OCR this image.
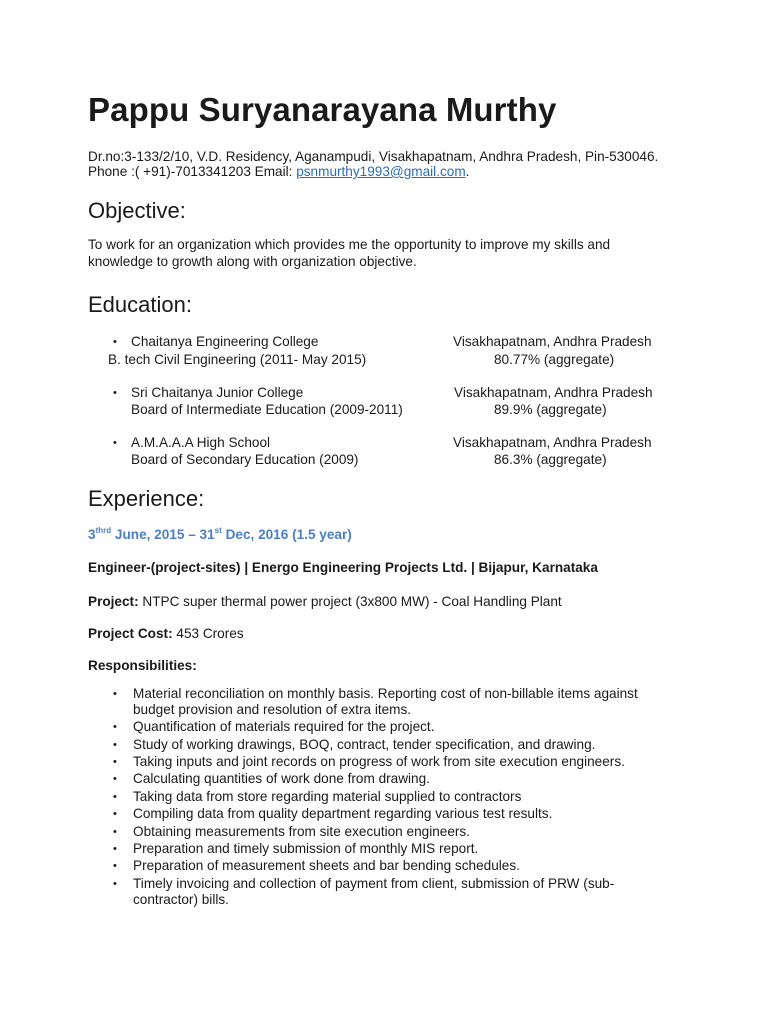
Pappu Suryanarayana Murthy
Dr.no:3-133/2/10, V.D. Residency, Aganampudi, Visakhapatnam, Andhra Pradesh, Pin-530046.
Phone :( +91)-7013341203 Email: psnmurthy1993@gmail.com.
Objective:
To work for an organization which provides me the opportunity to improve my skills and
knowledge to growth along with organization objective.
Education:
• Chaitanya Engineering College
B. tech Civil Engineering (2011- May 2015)
Visakhapatnam, Andhra Pradesh
80.77% (aggregate)
• Sri Chaitanya Junior College
Board of Intermediate Education (2009-2011)
Visakhapatnam, Andhra Pradesh
89.9% (aggregate)
• A.M.A.A.A High School
Board of Secondary Education (2009)
Visakhapatnam, Andhra Pradesh
86.3% (aggregate)
Experience:
$3^{thrd}$ June, 2015 – 31st Dec, 2016 (1.5 year)
Engineer-(project-sites) | Energo Engineering Projects Ltd. | Bijapur, Karnataka
Project: NTPC super thermal power project (3x800 MW) - Coal Handling Plant
Project Cost: 453 Crores
Responsibilities:
• Material reconciliation on monthly basis. Reporting cost of non-billable items against
budget provision and resolution of extra items.
• Quantification of materials required for the project.
• Study of working drawings, BOQ, contract, tender specification, and drawing.
• Taking inputs and joint records on progress of work from site execution engineers.
• Calculating quantities of work done from drawing.
• Taking data from store regarding material supplied to contractors
• Compiling data from quality department regarding various test results.
• Obtaining measurements from site execution engineers.
• Preparation and timely submission of monthly MIS report.
• Preparation of measurement sheets and bar bending schedules.
• Timely invoicing and collection of payment from client, submission of PRW (sub-
contractor) bills.
